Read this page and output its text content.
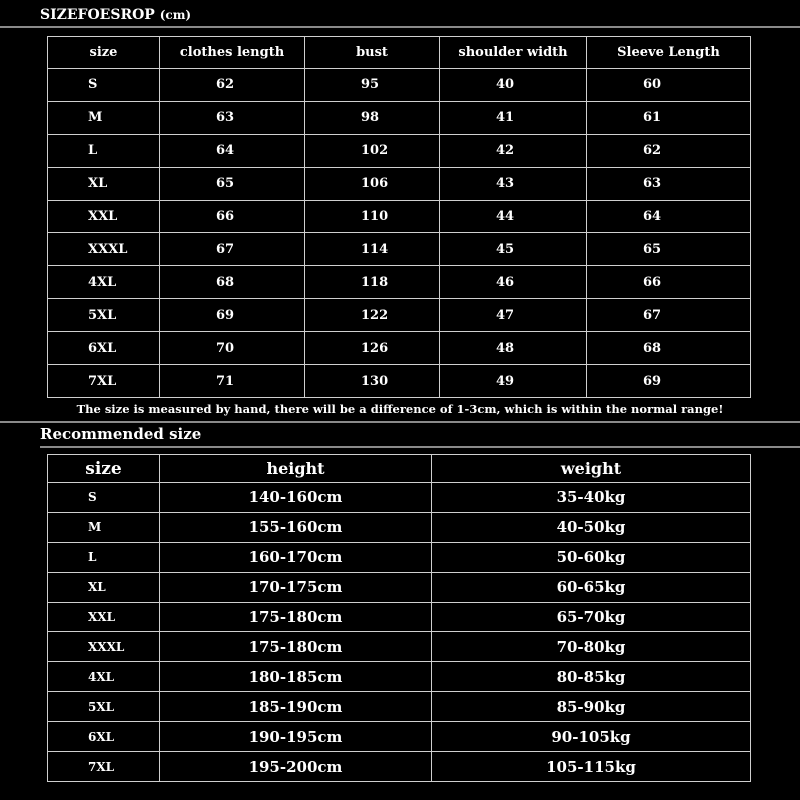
SIZEFOESROP (cm)
size	clothes length	bust	shoulder width	Sleeve Length
S	62	95	40	60
M	63	98	41	61
L	64	102	42	62
XL	65	106	43	63
XXL	66	110	44	64
XXXL	67	114	45	65
4XL	68	118	46	66
5XL	69	122	47	67
6XL	70	126	48	68
7XL	71	130	49	69
The size is measured by hand, there will be a difference of 1-3cm, which is within the normal range!
Recommended size
size	height	weight
S	140-160cm	35-40kg
M	155-160cm	40-50kg
L	160-170cm	50-60kg
XL	170-175cm	60-65kg
XXL	175-180cm	65-70kg
XXXL	175-180cm	70-80kg
4XL	180-185cm	80-85kg
5XL	185-190cm	85-90kg
6XL	190-195cm	90-105kg
7XL	195-200cm	105-115kg
